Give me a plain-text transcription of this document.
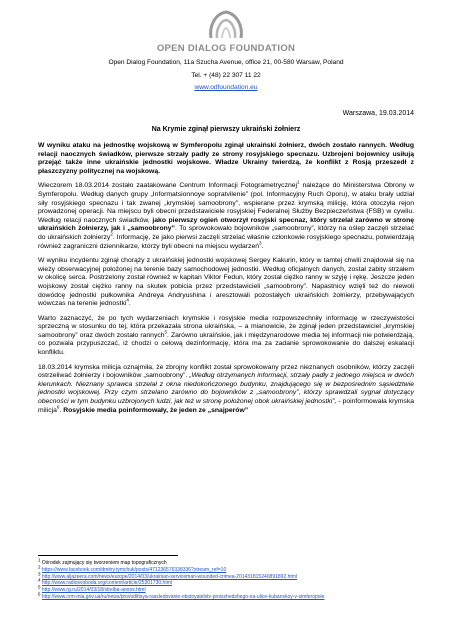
OPEN DIALOG FOUNDATION
Open Dialog Foundation, 11a Szucha Avenue, office 21, 00-580 Warsaw, Poland
Tel. + (48) 22 307 11 22
www.odfoundation.eu
Warszawa, 19.03.2014
Na Krymie zginął pierwszy ukraiński żołnierz

W wyniku ataku na jednostkę wojskową w Symferopolu zginął ukraiński żołnierz, dwóch zostało rannych. Według relacji naocznych świadków, pierwsze strzały padły ze strony rosyjskiego specnazu. Uzbrojeni bojownicy usiłują przejąć także inne ukraińskie jednostki wojskowe. Władze Ukrainy twierdzą, że konflikt z Rosją przeszedł z płaszczyzny politycznej na wojskową.

Wieczorem 18.03.2014 zostało zaatakowane Centrum Informacji Fotogrametrycznej$^1$ należące do Ministerstwa Obrony w Symferopolu. Według danych grupy „Informatsionnoye sopratvilenie” (pol. Informacyjny Ruch Oporu), w ataku brały udział siły rosyjskiego specnazu i tak zwanej „krymskiej samoobrony”, wspierane przez krymską milicję, która otoczyła rejon prowadzonej operacji. Na miejscu byli obecni przedstawiciele rosyjskiej Federalnej Służby Bezpieczeństwa (FSB) w cywilu. Według relacji naocznych świadków, jako pierwszy ogień otworzył rosyjski specnaz, który strzelał zarówno w stronę ukraińskich żołnierzy, jak i „samoobrony”. To sprowokowało bojowników „samoobrony”, którzy na oślep zaczęli strzelać do ukraińskich żołnierzy$^2$. Informację, że jako pierwsi zaczęli strzelać właśnie członkowie rosyjskiego specnazu, potwierdzają również zagraniczni dziennikarze, którzy byli obecni na miejscu wydarzeń$^3$.

W wyniku incydentu zginął chorąży z ukraińskiej jednostki wojskowej Sergey Kakurin, który w tamtej chwili znajdował się na wieży obserwacyjnej położonej na terenie bazy samochodowej jednostki. Według oficjalnych danych, został zabity strzałem w okolicę serca. Postrzelony został również w kapitan Viktor Fedun, który został ciężko ranny w szyję i rękę. Jeszcze jeden wojskowy został ciężko ranny na skutek pobicia przez przedstawicieli „samoobrony”. Napastnicy wzięli też do niewoli dowódcę jednostki pułkownika Andreya Andryushina i aresztowali pozostałych ukraińskich żołnierzy, przebywających wówczas na terenie jednostki$^4$.

Warto zaznaczyć, że po tych wydarzeniach krymskie i rosyjskie media rozpowszechniły informację w rzeczywistości sprzeczną w stosunku do tej, która przekazała strona ukraińska, – a mianowicie, że zginął jeden przedstawiciel „krymskiej samoobrony” oraz dwóch zostało rannych$^5$. Zarówno ukraińskie, jak i międzynarodowe media tej informacji nie potwierdzają, co pozwala przypuszczać, iż chodzi o celową dezinformację, która ma za zadanie sprowokowanie do dalszej eskalacji konfliktu.

18.03.2014 krymska milicja oznajmiła, że zbrojny konflikt został sprowokowany przez nieznanych osobników, którzy zaczęli ostrzeliwać żołnierzy i bojowników „samoobrony”. „Według otrzymanych informacji, strzały padły z jednego miejsca w dwóch kierunkach. Nieznany sprawca strzelał z okna niedokończonego budynku, znajdującego się w bezpośrednim sąsiedztwie jednostki wojskowej. Przy czym strzelano zarówno do bojowników z „samoobrony”, którzy sprawdzali sygnał dotyczący obecności w tym budynku uzbrojonych ludzi, jak też w stronę położonej obok ukraińskiej jednostki”, - poinformowała krymska milicja$^6$. Rosyjskie media poinformowały, że jeden ze „snajperów”

$^1$ Ośrodek zajmujący się tworzeniem map topograficznych
$^2$ https://www.facebook.com/dmitry.tymchuk/posts/471236576338336?stream_ref=10
$^3$ http://www.aljazeera.com/news/europe/2014/03/ukrainian-serviceman-wounded-crimea-201431815240891892.html
$^4$ http://www.radiosvoboda.org/content/article/25301730.html
$^5$ http://www.rg.ru/2014/03/18/strelba-anons.html
$^6$ http://www.crm-mia.gov.ua/ru/news/provodittsya-rassledovanie-obstoyatelstv-proisshedshego-na-ulice-kubanskoy-v-simferopole
